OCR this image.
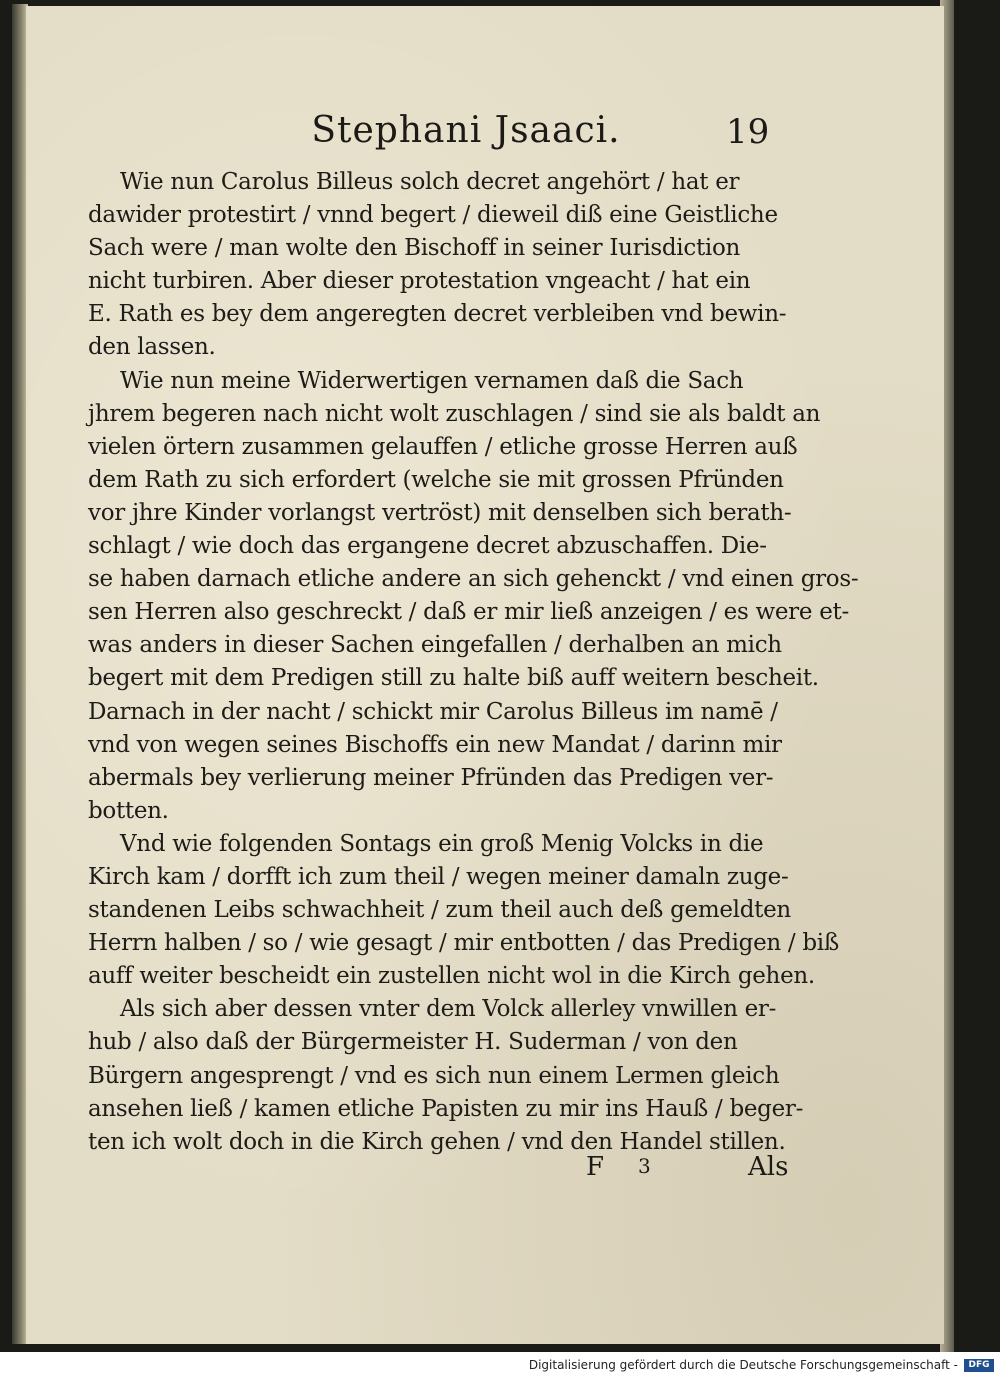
Stephani Jsaaci.	19
Wie nun Carolus Billeus solch decret angehört / hat er
dawider protestirt / vnnd begert / dieweil diß eine Geistliche
Sach were / man wolte den Bischoff in seiner Iurisdiction
nicht turbiren. Aber dieser protestation vngeacht / hat ein
E. Rath es bey dem angeregten decret verbleiben vnd bewin-
den lassen.
Wie nun meine Widerwertigen vernamen daß die Sach
jhrem begeren nach nicht wolt zuschlagen / sind sie als baldt an
vielen örtern zusammen gelauffen / etliche grosse Herren auß
dem Rath zu sich erfordert (welche sie mit grossen Pfründen
vor jhre Kinder vorlangst vertröst) mit denselben sich berath-
schlagt / wie doch das ergangene decret abzuschaffen. Die-
se haben darnach etliche andere an sich gehenckt / vnd einen gros-
sen Herren also geschreckt / daß er mir ließ anzeigen / es were et-
was anders in dieser Sachen eingefallen / derhalben an mich
begert mit dem Predigen still zu halte biß auff weitern bescheit.
Darnach in der nacht / schickt mir Carolus Billeus im namē /
vnd von wegen seines Bischoffs ein new Mandat / darinn mir
abermals bey verlierung meiner Pfründen das Predigen ver-
botten.
Vnd wie folgenden Sontags ein groß Menig Volcks in die
Kirch kam / dorfft ich zum theil / wegen meiner damaln zuge-
standenen Leibs schwachheit / zum theil auch deß gemeldten
Herrn halben / so / wie gesagt / mir entbotten / das Predigen / biß
auff weiter bescheidt ein zustellen nicht wol in die Kirch gehen.
Als sich aber dessen vnter dem Volck allerley vnwillen er-
hub / also daß der Bürgermeister H. Suderman / von den
Bürgern angesprengt / vnd es sich nun einem Lermen gleich
ansehen ließ / kamen etliche Papisten zu mir ins Hauß / beger-
ten ich wolt doch in die Kirch gehen / vnd den Handel stillen.
F 3	Als
Digitalisierung gefördert durch die Deutsche Forschungsgemeinschaft -	DFG
